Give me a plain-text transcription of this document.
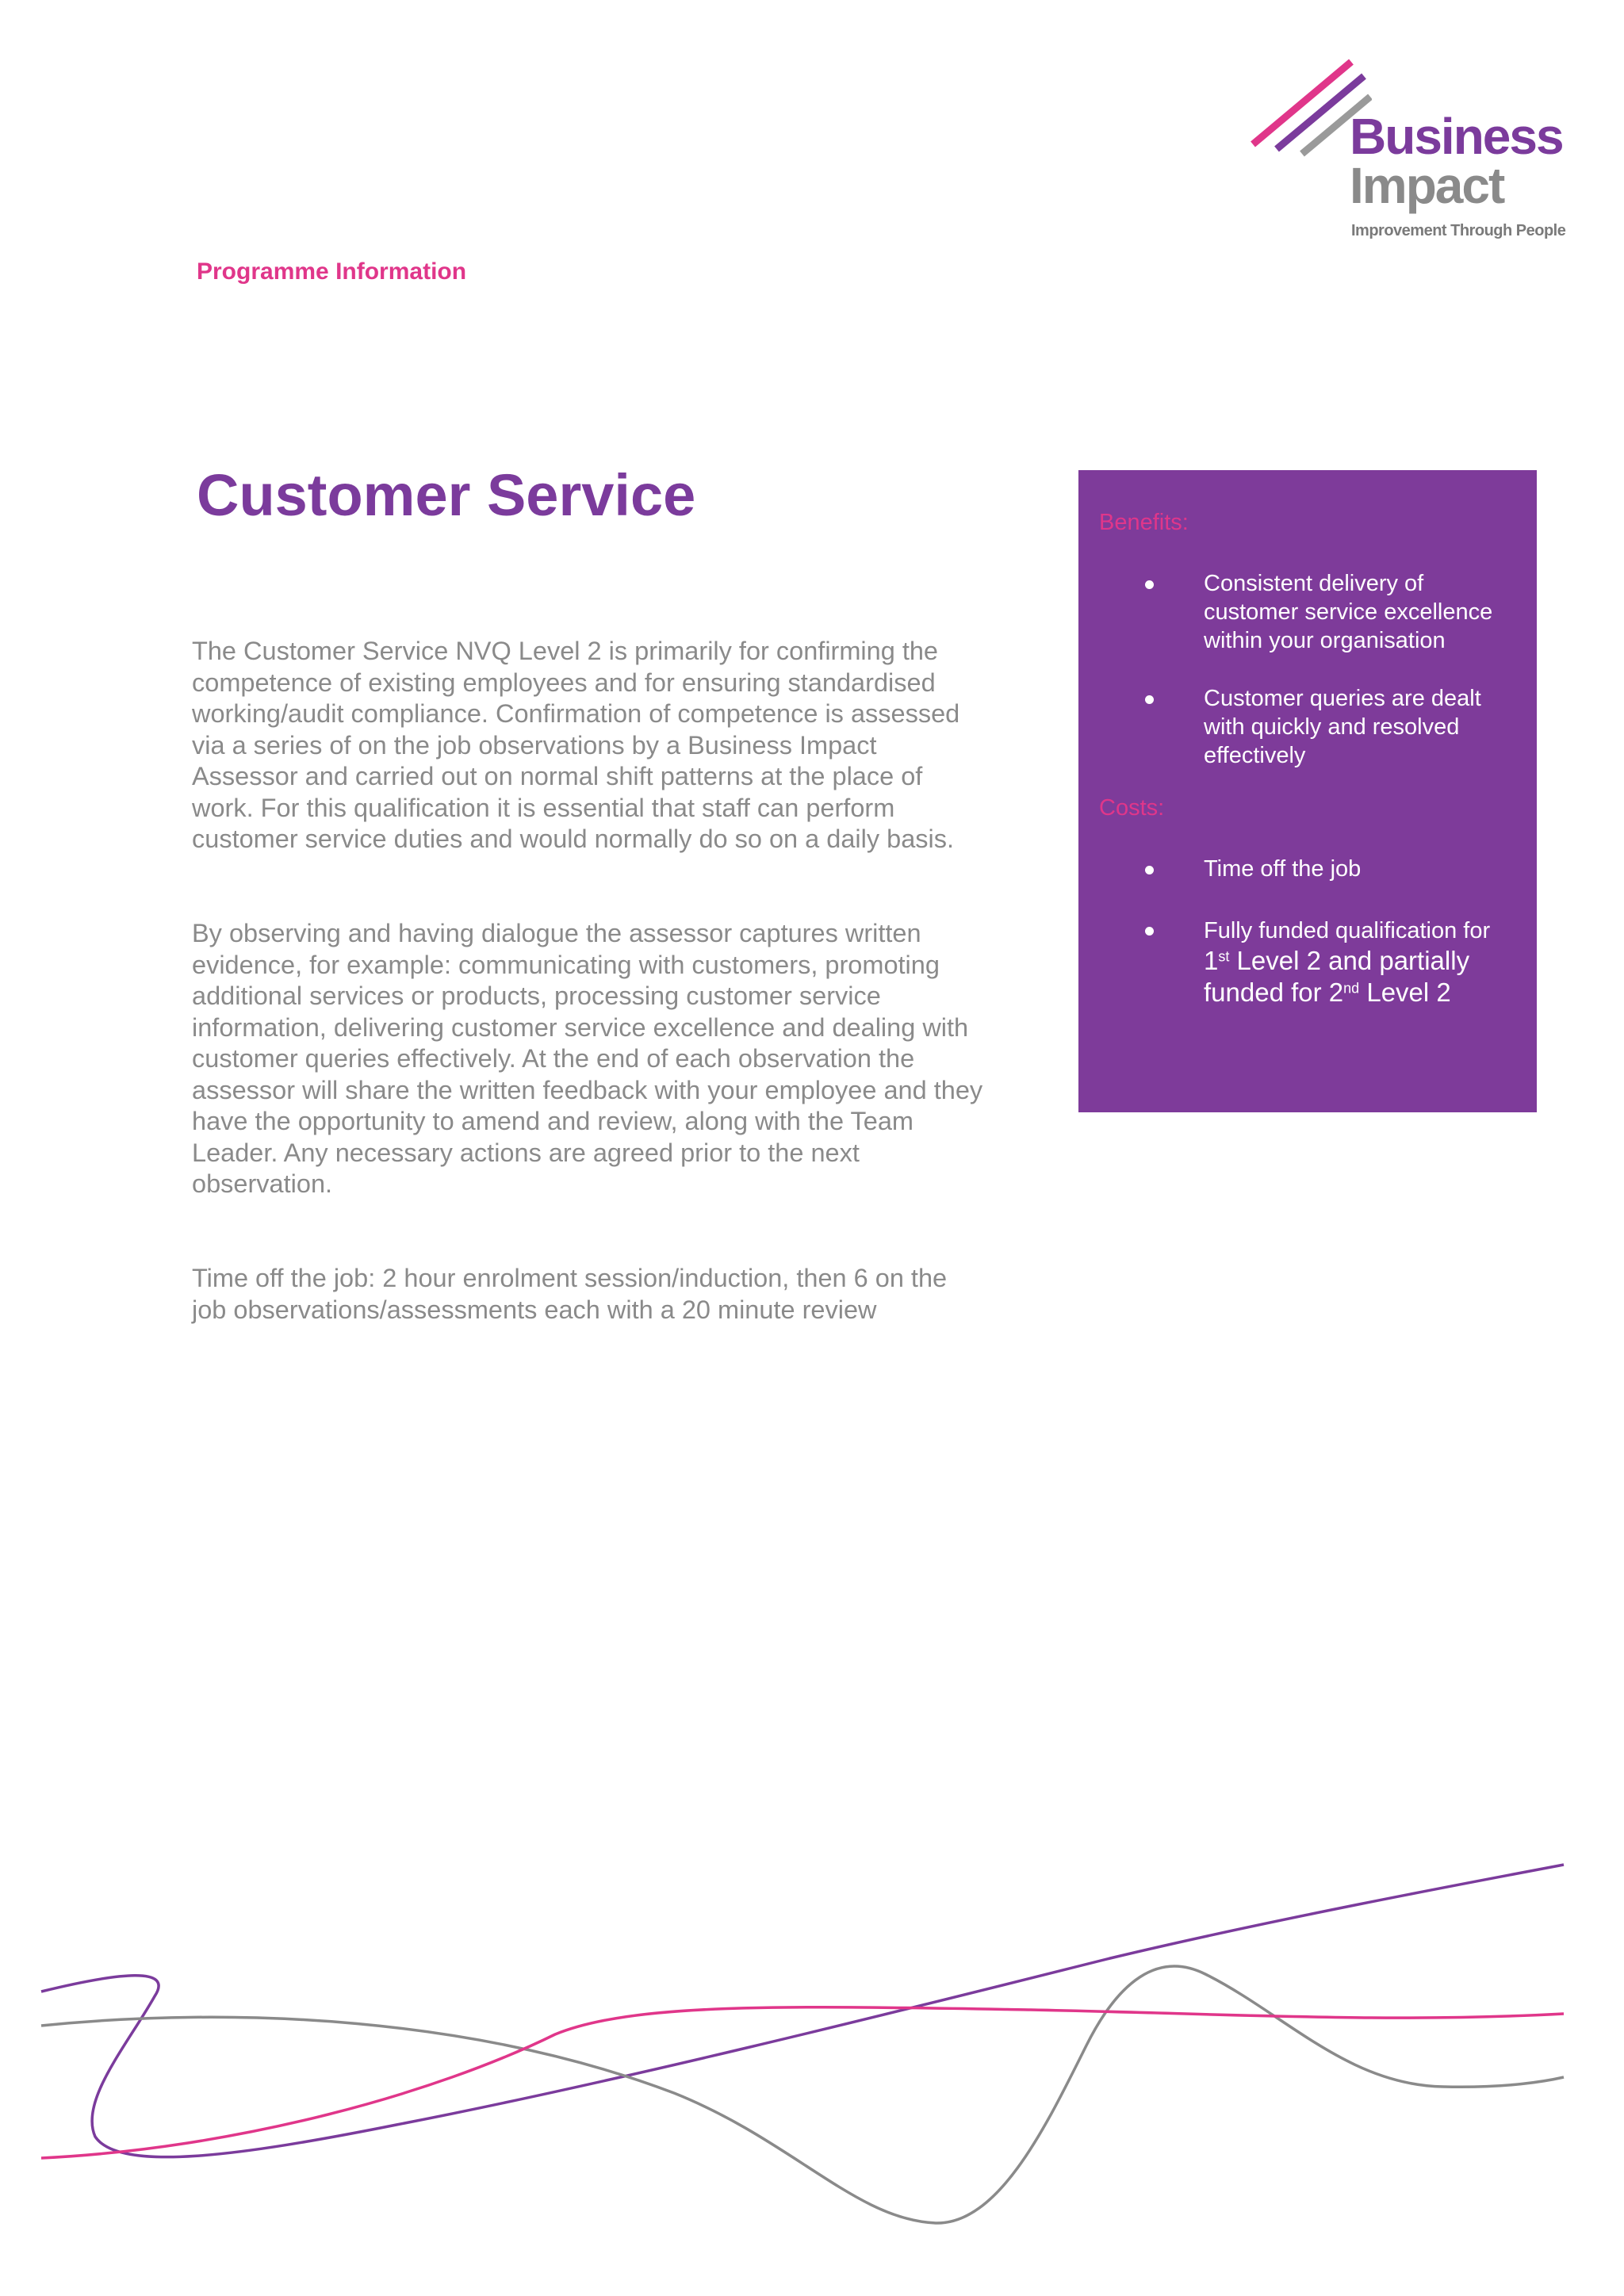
Business
Impact
Improvement Through People
Programme Information
Customer Service

The Customer Service NVQ Level 2 is primarily for confirming the competence of existing employees and for ensuring standardised working/audit compliance. Confirmation of competence is assessed via a series of on the job observations by a Business Impact Assessor and carried out on normal shift patterns at the place of work. For this qualification it is essential that staff can perform customer service duties and would normally do so on a daily basis.

By observing and having dialogue the assessor captures written evidence, for example: communicating with customers, promoting additional services or products, processing customer service information, delivering customer service excellence and dealing with customer queries effectively. At the end of each observation the assessor will share the written feedback with your employee and they have the opportunity to amend and review, along with the Team Leader. Any necessary actions are agreed prior to the next observation.

Time off the job: 2 hour enrolment session/induction, then 6 on the job observations/assessments each with a 20 minute review

Benefits:
Consistent delivery of customer service excellence within your organisation
Customer queries are dealt with quickly and resolved effectively
Costs:
Time off the job
Fully funded qualification for
1st Level 2 and partially funded for 2nd Level 2
